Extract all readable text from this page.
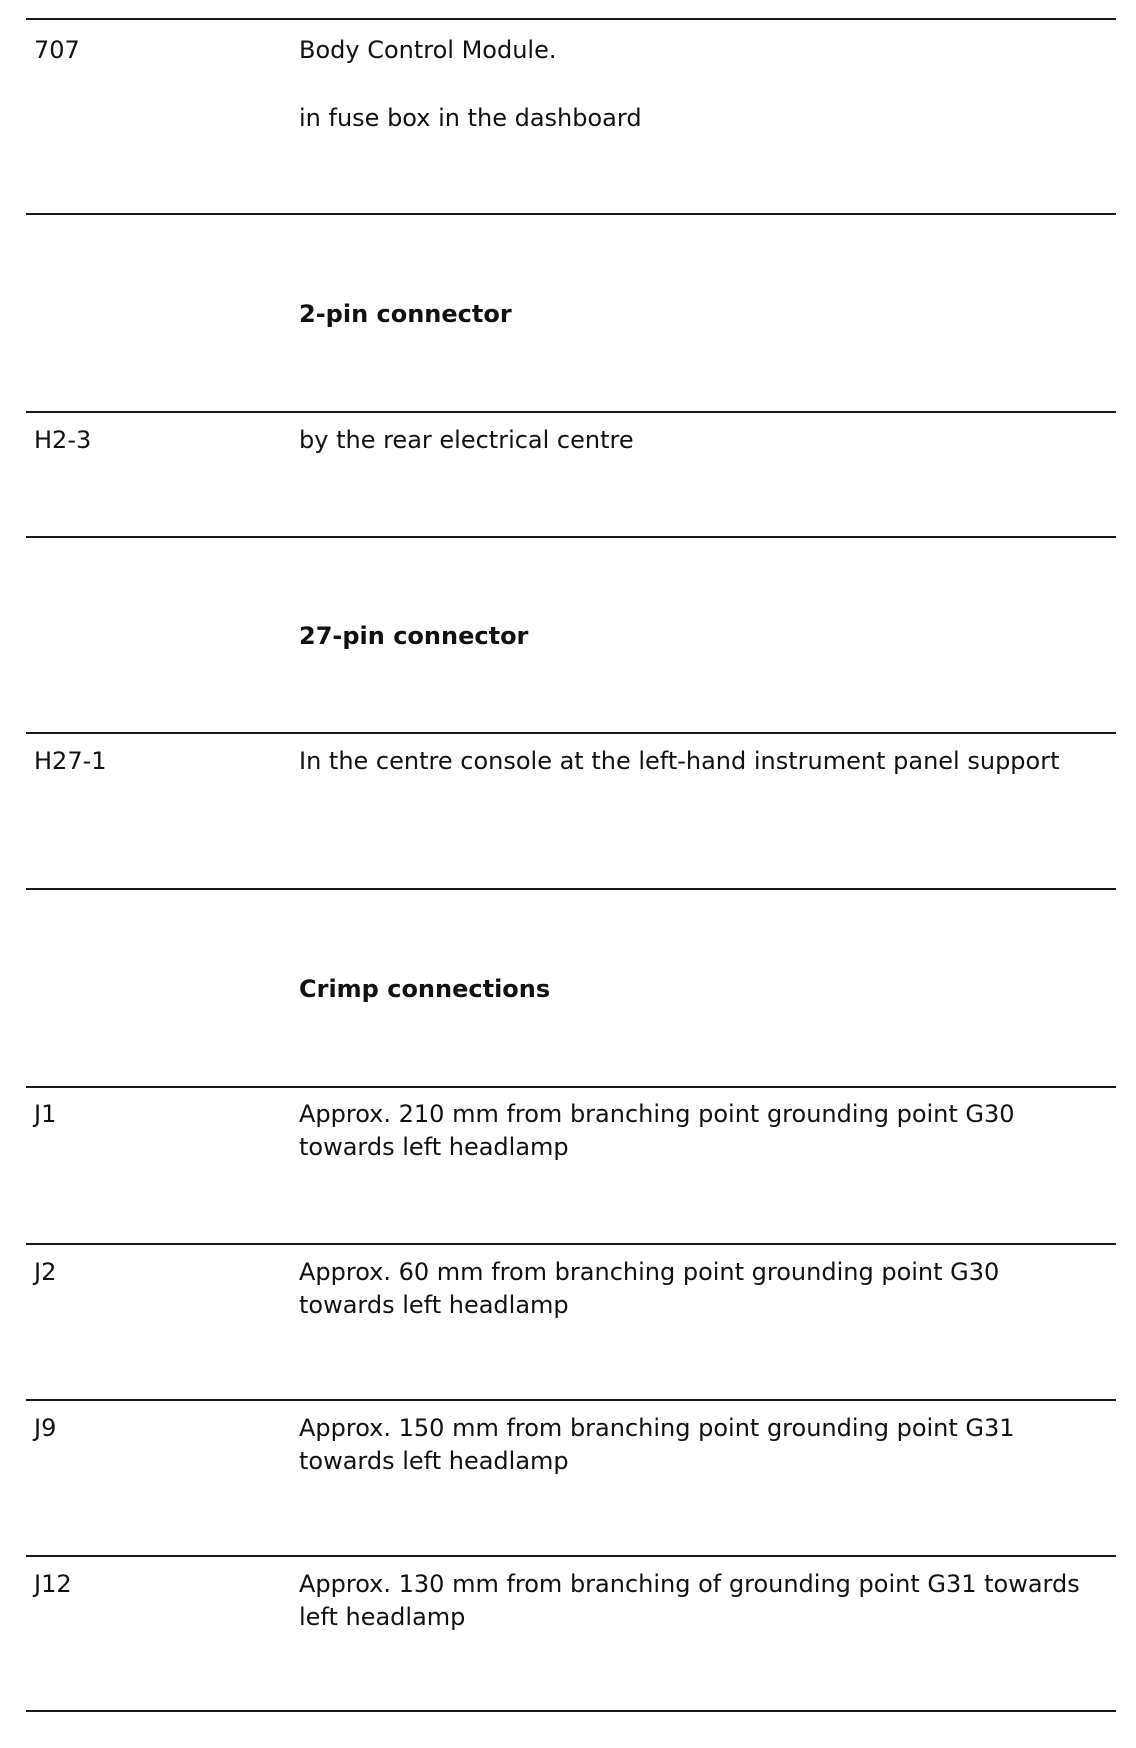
707	Body Control Module.

in fuse box in the dashboard

2-pin connector
H2-3	by the rear electrical centre

27-pin connector
H27-1	In the centre console at the left-hand instrument panel support

Crimp connections
J1	Approx. 210 mm from branching point grounding point G30 towards left headlamp

J2	Approx. 60 mm from branching point grounding point G30 towards left headlamp

J9	Approx. 150 mm from branching point grounding point G31 towards left headlamp

J12	Approx. 130 mm from branching of grounding point G31 towards left headlamp
